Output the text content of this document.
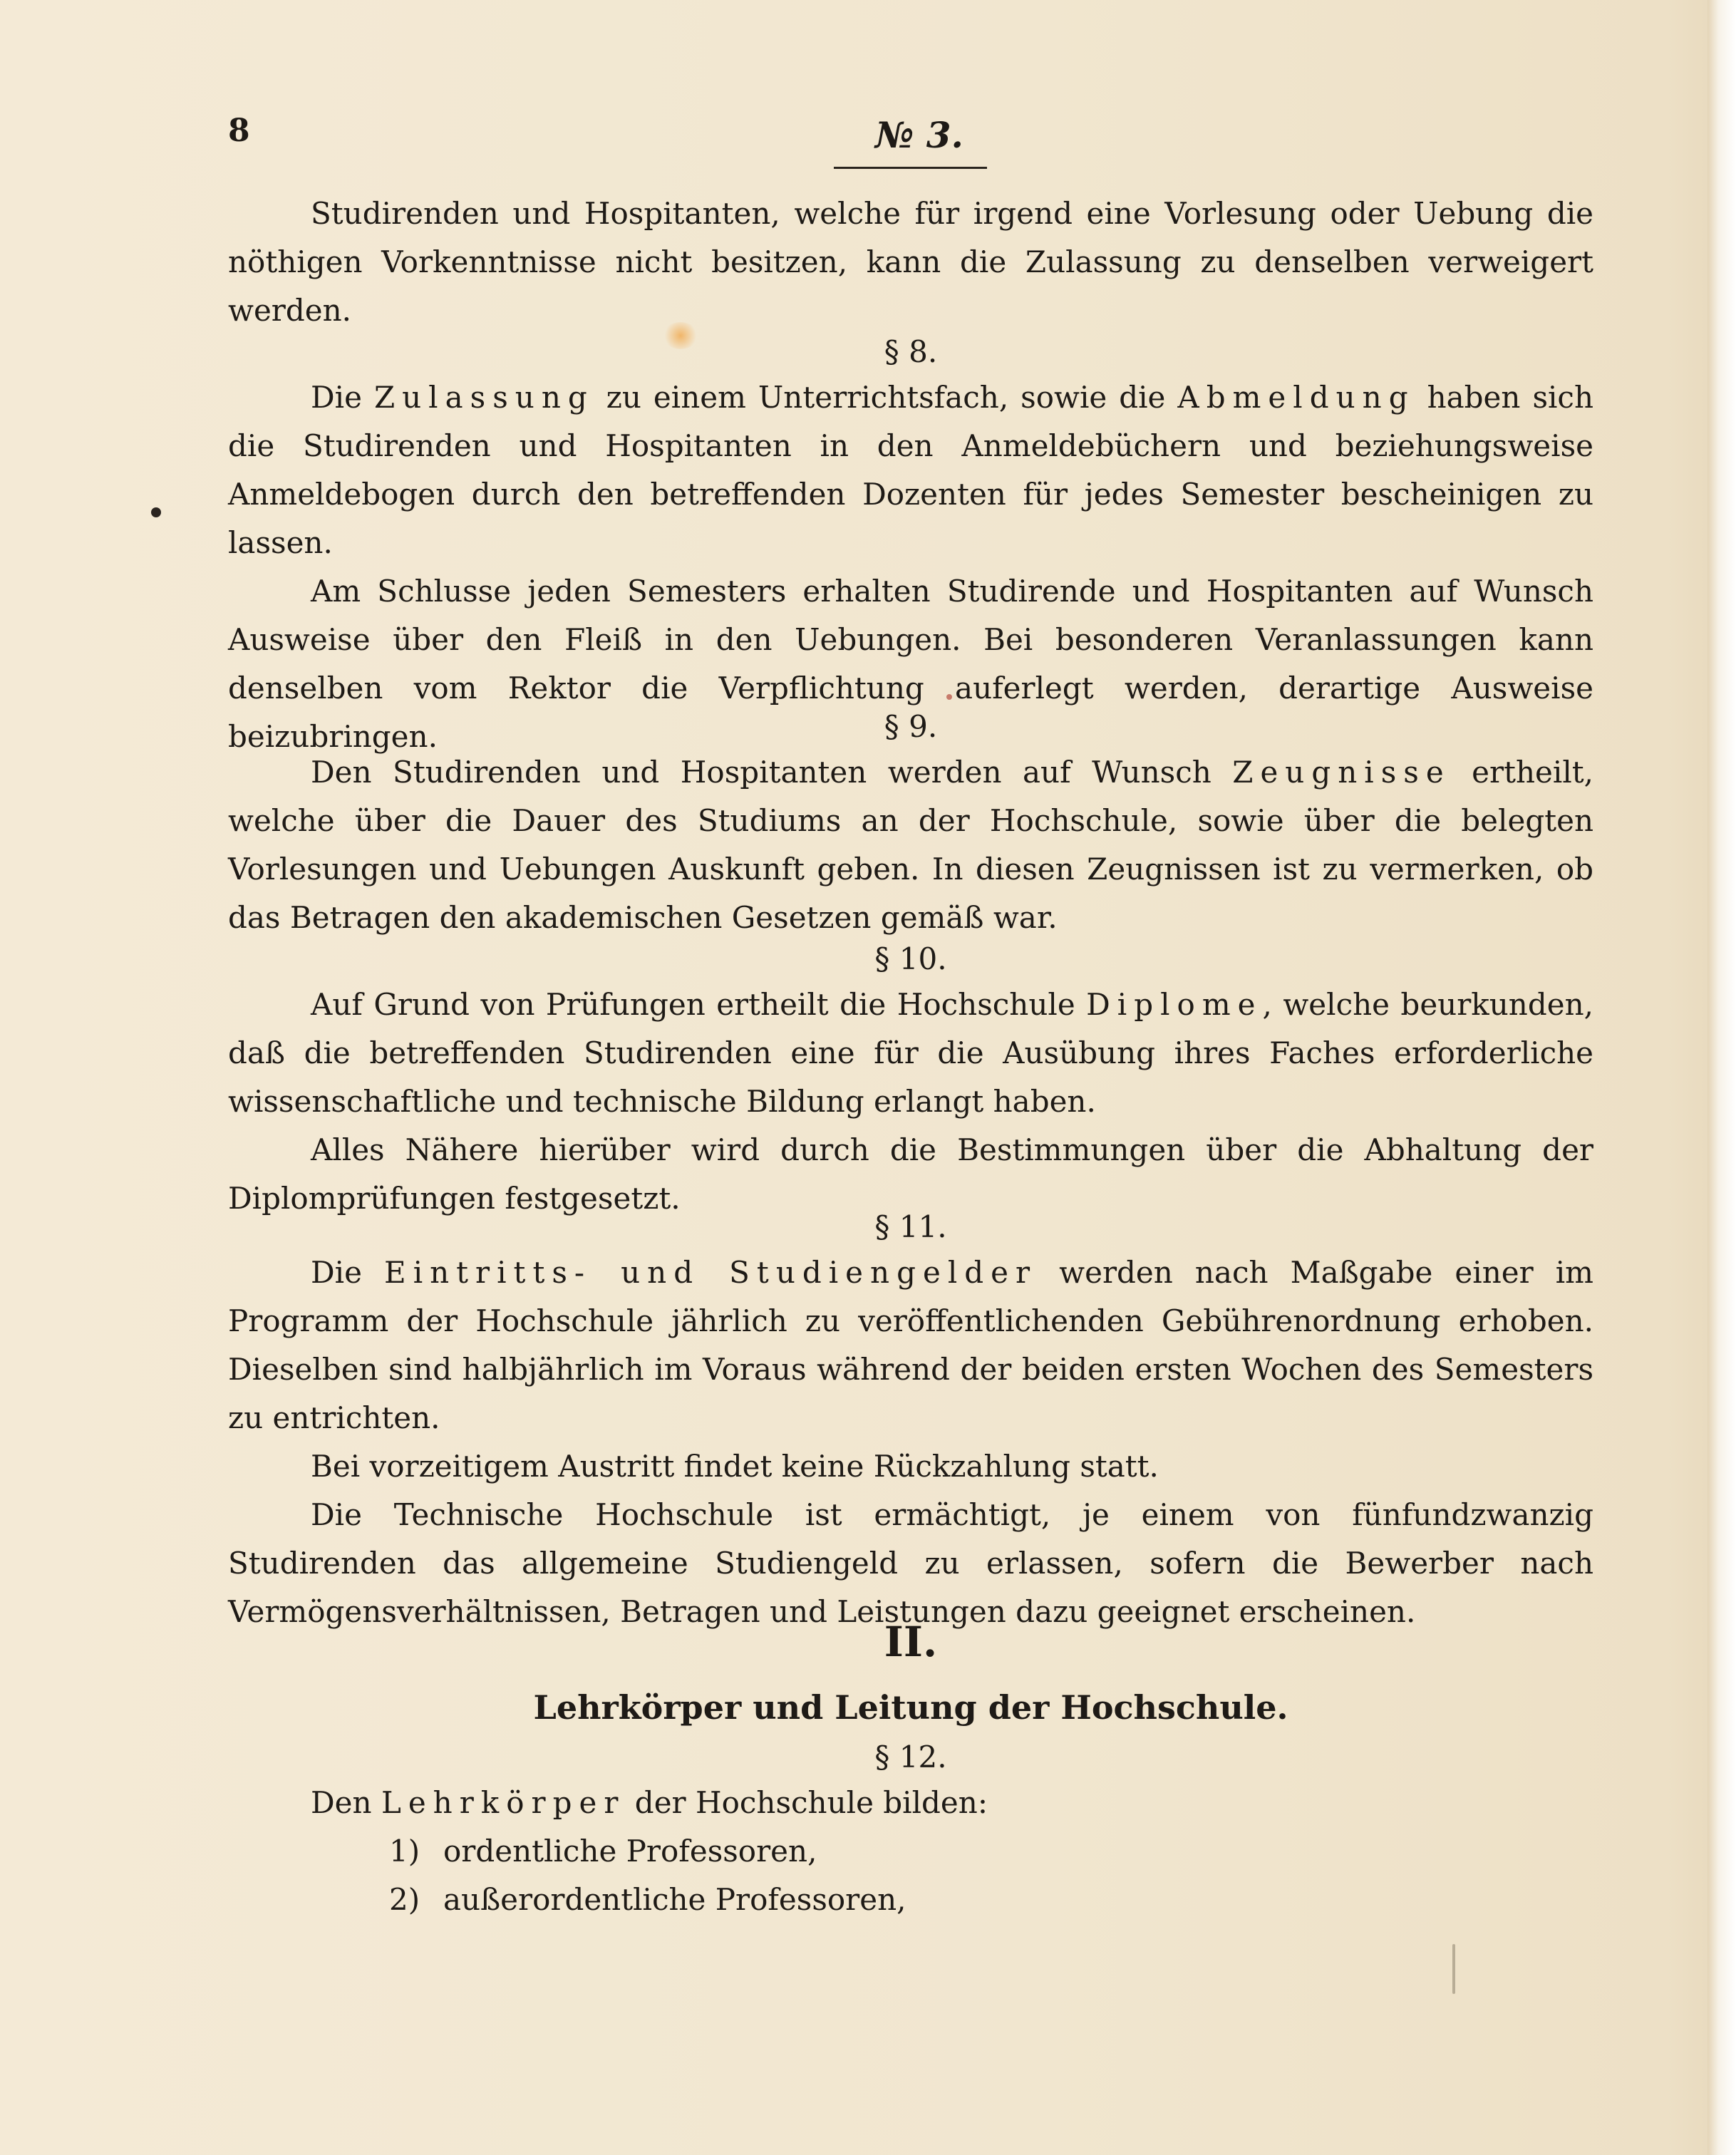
8	№ 3.

Studirenden und Hospitanten, welche für irgend eine Vorlesung oder Uebung die nöthigen Vorkenntnisse nicht besitzen, kann die Zulassung zu denselben verweigert werden.

§ 8.

Die Zulassung zu einem Unterrichtsfach, sowie die Abmeldung haben sich die Studirenden und Hospitanten in den Anmeldebüchern und beziehungsweise Anmeldebogen durch den betreffenden Dozenten für jedes Semester bescheinigen zu lassen.

Am Schlusse jeden Semesters erhalten Studirende und Hospitanten auf Wunsch Ausweise über den Fleiß in den Uebungen. Bei besonderen Veranlassungen kann denselben vom Rektor die Verpflichtung auferlegt werden, derartige Ausweise beizubringen.	§ 9.

Den Studirenden und Hospitanten werden auf Wunsch Zeugnisse ertheilt, welche über die Dauer des Studiums an der Hochschule, sowie über die belegten Vorlesungen und Uebungen Auskunft geben. In diesen Zeugnissen ist zu vermerken, ob das Betragen den akademischen Gesetzen gemäß war.

§ 10.

Auf Grund von Prüfungen ertheilt die Hochschule Diplome, welche beurkunden, daß die betreffenden Studirenden eine für die Ausübung ihres Faches erforderliche wissenschaftliche und technische Bildung erlangt haben.

Alles Nähere hierüber wird durch die Bestimmungen über die Abhaltung der Diplomprüfungen festgesetzt.

§ 11.

Die Eintritts- und Studiengelder werden nach Maßgabe einer im Programm der Hochschule jährlich zu veröffentlichenden Gebührenordnung erhoben. Dieselben sind halbjährlich im Voraus während der beiden ersten Wochen des Semesters zu entrichten.

Bei vorzeitigem Austritt findet keine Rückzahlung statt.

Die Technische Hochschule ist ermächtigt, je einem von fünfundzwanzig Studirenden das allgemeine Studiengeld zu erlassen, sofern die Bewerber nach Vermögensverhältnissen, Betragen und Leistungen dazu geeignet erscheinen.

II.

Lehrkörper und Leitung der Hochschule.

§ 12.

Den Lehrkörper der Hochschule bilden:

1) ordentliche Professoren,
2) außerordentliche Professoren,
